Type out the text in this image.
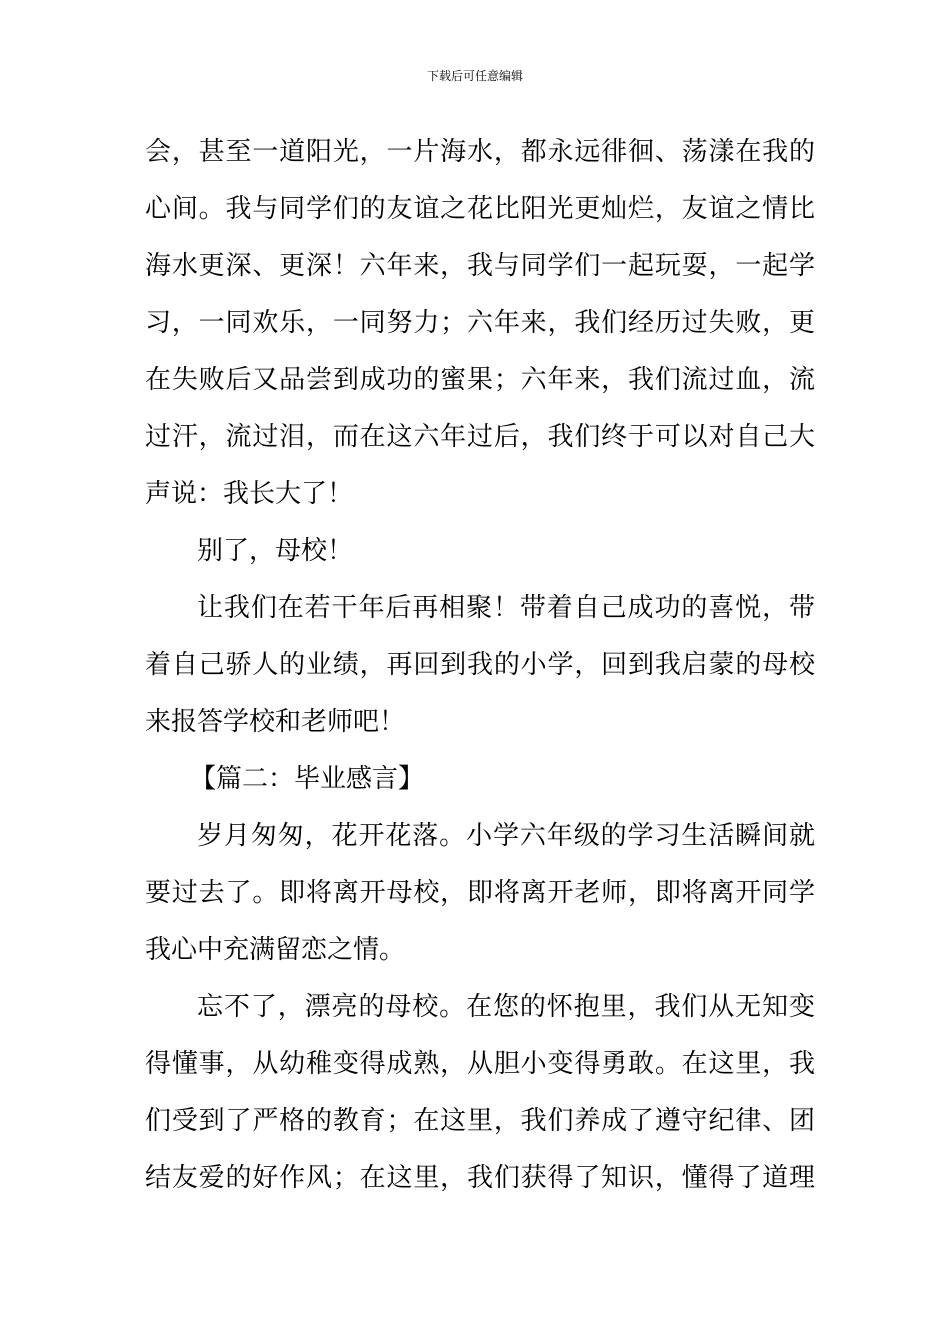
下载后可任意编辑
会，甚至一道阳光，一片海水，都永远徘徊、荡漾在我的
心间。我与同学们的友谊之花比阳光更灿烂，友谊之情比
海水更深、更深！六年来，我与同学们一起玩耍，一起学
习，一同欢乐，一同努力；六年来，我们经历过失败，更
在失败后又品尝到成功的蜜果；六年来，我们流过血，流
过汗，流过泪，而在这六年过后，我们终于可以对自己大
声说：我长大了！
别了，母校！
让我们在若干年后再相聚！带着自己成功的喜悦，带
着自己骄人的业绩，再回到我的小学，回到我启蒙的母校
来报答学校和老师吧！
【篇二：毕业感言】
岁月匆匆，花开花落。小学六年级的学习生活瞬间就
要过去了。即将离开母校，即将离开老师，即将离开同学
我心中充满留恋之情。
忘不了，漂亮的母校。在您的怀抱里，我们从无知变
得懂事，从幼稚变得成熟，从胆小变得勇敢。在这里，我
们受到了严格的教育；在这里，我们养成了遵守纪律、团
结友爱的好作风；在这里，我们获得了知识，懂得了道理
